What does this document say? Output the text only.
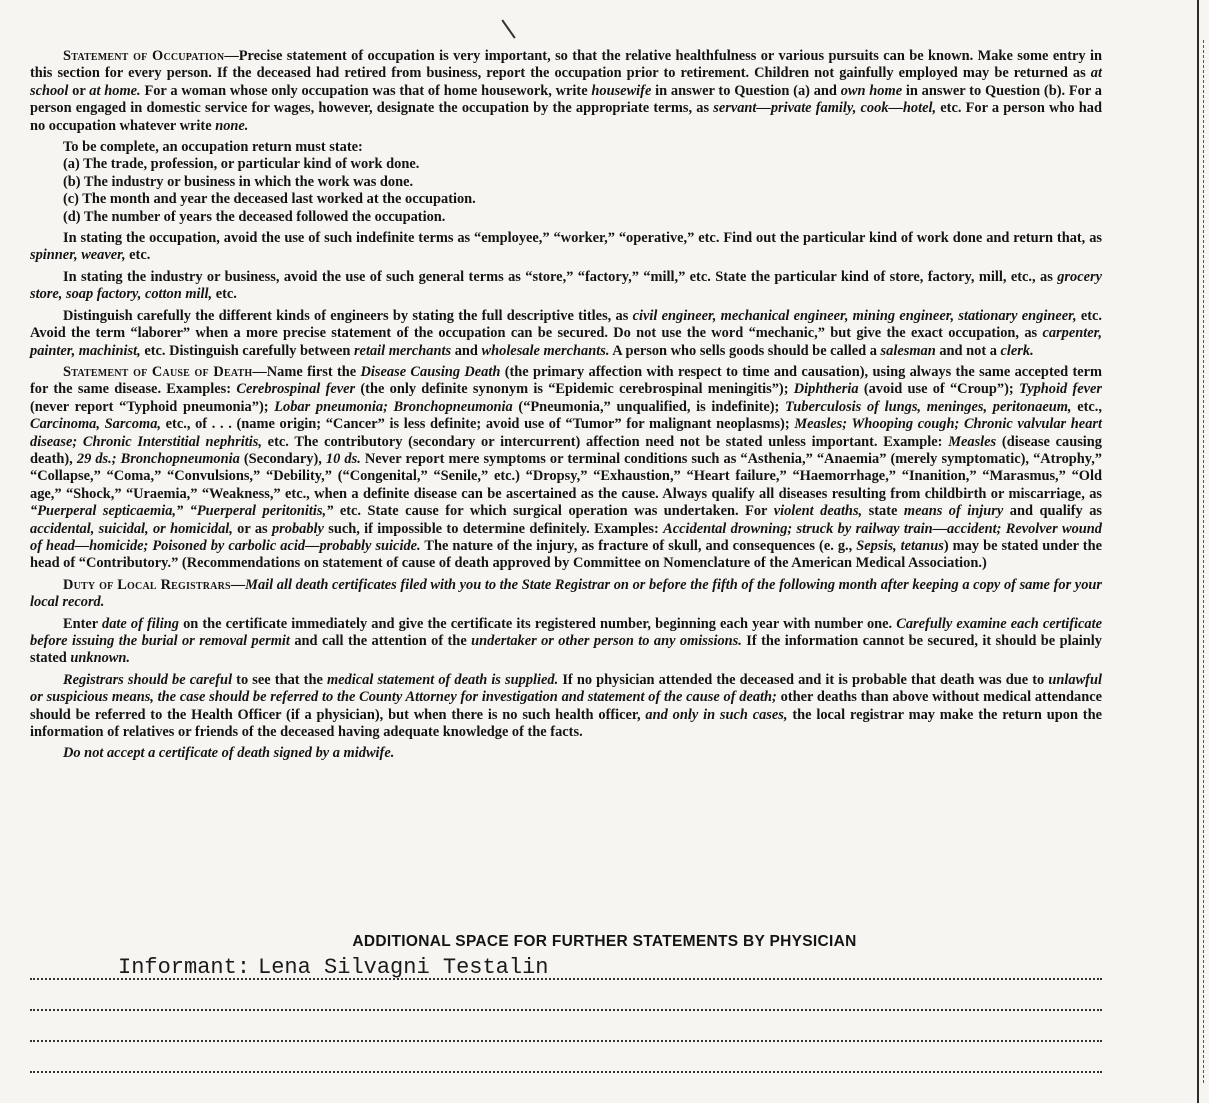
Statement of Occupation—Precise statement of occupation is very important, so that the relative healthfulness or various pursuits can be known. Make some entry in this section for every person. If the deceased had retired from business, report the occupation prior to retirement. Children not gainfully employed may be returned as at school or at home. For a woman whose only occupation was that of home housework, write housewife in answer to Question (a) and own home in answer to Question (b). For a person engaged in domestic service for wages, however, designate the occupation by the appropriate terms, as servant—private family, cook—hotel, etc. For a person who had no occupation whatever write none.

To be complete, an occupation return must state:

(a) The trade, profession, or particular kind of work done.
(b) The industry or business in which the work was done.
(c) The month and year the deceased last worked at the occupation.
(d) The number of years the deceased followed the occupation.

In stating the occupation, avoid the use of such indefinite terms as “employee,” “worker,” “operative,” etc. Find out the particular kind of work done and return that, as spinner, weaver, etc.

In stating the industry or business, avoid the use of such general terms as “store,” “factory,” “mill,” etc. State the particular kind of store, factory, mill, etc., as grocery store, soap factory, cotton mill, etc.

Distinguish carefully the different kinds of engineers by stating the full descriptive titles, as civil engineer, mechanical engineer, mining engineer, stationary engineer, etc. Avoid the term “laborer” when a more precise statement of the occupation can be secured. Do not use the word “mechanic,” but give the exact occupation, as carpenter, painter, machinist, etc. Distinguish carefully between retail merchants and wholesale merchants. A person who sells goods should be called a salesman and not a clerk.

Statement of Cause of Death—Name first the Disease Causing Death (the primary affection with respect to time and causation), using always the same accepted term for the same disease. Examples: Cerebrospinal fever (the only definite synonym is “Epidemic cerebrospinal meningitis”); Diphtheria (avoid use of “Croup”); Typhoid fever (never report “Typhoid pneumonia”); Lobar pneumonia; Bronchopneumonia (“Pneumonia,” unqualified, is indefinite); Tuberculosis of lungs, meninges, peritonaeum, etc., Carcinoma, Sarcoma, etc., of . . . (name origin; “Cancer” is less definite; avoid use of “Tumor” for malignant neoplasms); Measles; Whooping cough; Chronic valvular heart disease; Chronic Interstitial nephritis, etc. The contributory (secondary or intercurrent) affection need not be stated unless important. Example: Measles (disease causing death), 29 ds.; Bronchopneumonia (Secondary), 10 ds. Never report mere symptoms or terminal conditions such as “Asthenia,” “Anaemia” (merely symptomatic), “Atrophy,” “Collapse,” “Coma,” “Convulsions,” “Debility,” (“Congenital,” “Senile,” etc.) “Dropsy,” “Exhaustion,” “Heart failure,” “Haemorrhage,” “Inanition,” “Marasmus,” “Old age,” “Shock,” “Uraemia,” “Weakness,” etc., when a definite disease can be ascertained as the cause. Always qualify all diseases resulting from childbirth or miscarriage, as “Puerperal septicaemia,” “Puerperal peritonitis,” etc. State cause for which surgical operation was undertaken. For violent deaths, state means of injury and qualify as accidental, suicidal, or homicidal, or as probably such, if impossible to determine definitely. Examples: Accidental drowning; struck by railway train—accident; Revolver wound of head—homicide; Poisoned by carbolic acid—probably suicide. The nature of the injury, as fracture of skull, and consequences (e. g., Sepsis, tetanus) may be stated under the head of “Contributory.” (Recommendations on statement of cause of death approved by Committee on Nomenclature of the American Medical Association.)

Duty of Local Registrars—Mail all death certificates filed with you to the State Registrar on or before the fifth of the following month after keeping a copy of same for your local record.

Enter date of filing on the certificate immediately and give the certificate its registered number, beginning each year with number one. Carefully examine each certificate before issuing the burial or removal permit and call the attention of the undertaker or other person to any omissions. If the information cannot be secured, it should be plainly stated unknown.

Registrars should be careful to see that the medical statement of death is supplied. If no physician attended the deceased and it is probable that death was due to unlawful or suspicious means, the case should be referred to the County Attorney for investigation and statement of the cause of death; other deaths than above without medical attendance should be referred to the Health Officer (if a physician), but when there is no such health officer, and only in such cases, the local registrar may make the return upon the information of relatives or friends of the deceased having adequate knowledge of the facts.

Do not accept a certificate of death signed by a midwife.

ADDITIONAL SPACE FOR FURTHER STATEMENTS BY PHYSICIAN
Informant: Lena Silvagni Testalin
